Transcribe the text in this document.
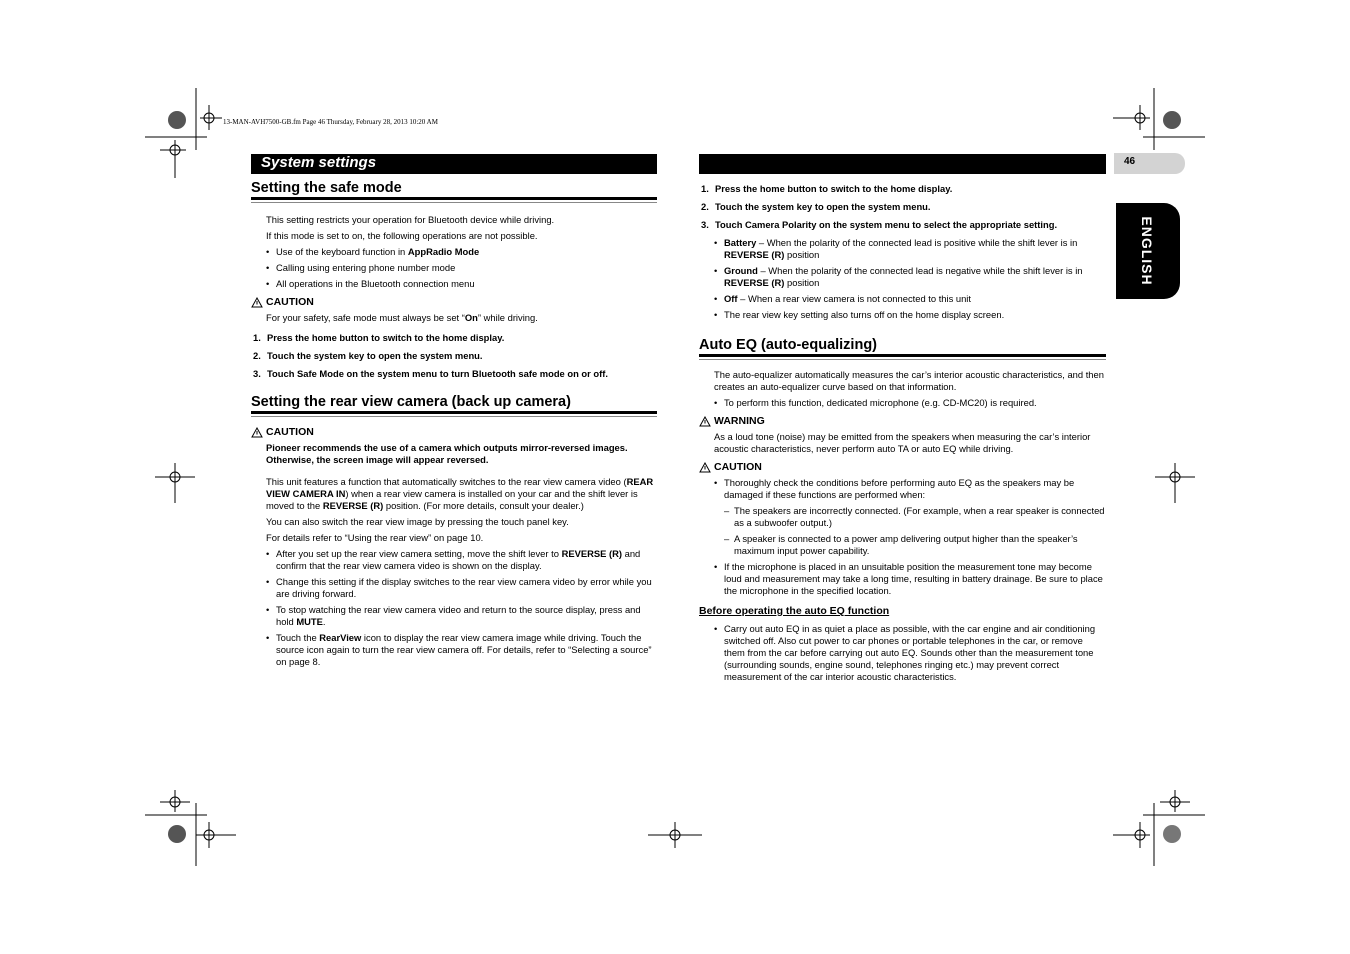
13-MAN-AVH7500-GB.fm Page 46 Thursday, February 28, 2013 10:20 AM
System settings	46
ENGLISH
Setting the safe mode

This setting restricts your operation for Bluetooth device while driving.

If this mode is set to on, the following operations are not possible.

• Use of the keyboard function in AppRadio Mode
• Calling using entering phone number mode
• All operations in the Bluetooth connection menu
CAUTION

For your safety, safe mode must always be set “On” while driving.

1. Press the home button to switch to the home display.
2. Touch the system key to open the system menu.
3. Touch Safe Mode on the system menu to turn Bluetooth safe mode on or off.
Setting the rear view camera (back up camera)
CAUTION

Pioneer recommends the use of a camera which outputs mirror-reversed images. Otherwise, the screen image will appear reversed.

This unit features a function that automatically switches to the rear view camera video (REAR VIEW CAMERA IN) when a rear view camera is installed on your car and the shift lever is moved to the REVERSE (R) position. (For more details, consult your dealer.)

You can also switch the rear view image by pressing the touch panel key.

For details refer to “Using the rear view” on page 10.

• After you set up the rear view camera setting, move the shift lever to REVERSE (R) and confirm that the rear view camera video is shown on the display.
• Change this setting if the display switches to the rear view camera video by error while you are driving forward.
• To stop watching the rear view camera video and return to the source display, press and hold MUTE.
• Touch the RearView icon to display the rear view camera image while driving. Touch the source icon again to turn the rear view camera off. For details, refer to “Selecting a source” on page 8.
1. Press the home button to switch to the home display.
2. Touch the system key to open the system menu.
3. Touch Camera Polarity on the system menu to select the appropriate setting.
• Battery – When the polarity of the connected lead is positive while the shift lever is in REVERSE (R) position
• Ground – When the polarity of the connected lead is negative while the shift lever is in REVERSE (R) position
• Off – When a rear view camera is not connected to this unit
• The rear view key setting also turns off on the home display screen.
Auto EQ (auto-equalizing)

The auto-equalizer automatically measures the car’s interior acoustic characteristics, and then creates an auto-equalizer curve based on that information.

• To perform this function, dedicated microphone (e.g. CD-MC20) is required.
WARNING

As a loud tone (noise) may be emitted from the speakers when measuring the car’s interior acoustic characteristics, never perform auto TA or auto EQ while driving.

CAUTION
• Thoroughly check the conditions before performing auto EQ as the speakers may be damaged if these functions are performed when:
– The speakers are incorrectly connected. (For example, when a rear speaker is connected as a subwoofer output.)
– A speaker is connected to a power amp delivering output higher than the speaker’s maximum input power capability.
• If the microphone is placed in an unsuitable position the measurement tone may become loud and measurement may take a long time, resulting in battery drainage. Be sure to place the microphone in the specified location.
Before operating the auto EQ function
• Carry out auto EQ in as quiet a place as possible, with the car engine and air conditioning switched off. Also cut power to car phones or portable telephones in the car, or remove them from the car before carrying out auto EQ. Sounds other than the measurement tone (surrounding sounds, engine sound, telephones ringing etc.) may prevent correct measurement of the car interior acoustic characteristics.
